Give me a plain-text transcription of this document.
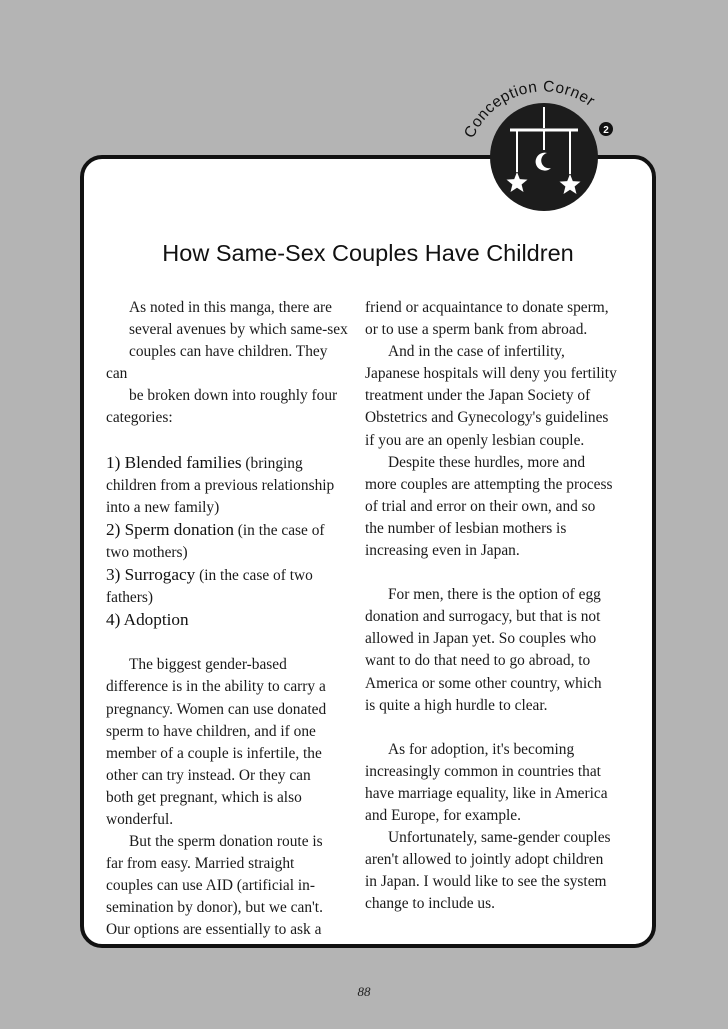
Conception Corner
2
How Same-Sex Couples Have Children
As noted in this manga, there are
several avenues by which same-sex
couples can have children. They can
be broken down into roughly four
categories:
1) Blended families (bringing
children from a previous relationship
into a new family)
2) Sperm donation (in the case of
two mothers)
3) Surrogacy (in the case of two
fathers)
4) Adoption
The biggest gender-based
difference is in the ability to carry a
pregnancy. Women can use donated
sperm to have children, and if one
member of a couple is infertile, the
other can try instead. Or they can
both get pregnant, which is also
wonderful.
But the sperm donation route is
far from easy. Married straight
couples can use AID (artificial in-
semination by donor), but we can't.
Our options are essentially to ask a
friend or acquaintance to donate sperm,
or to use a sperm bank from abroad.
And in the case of infertility,
Japanese hospitals will deny you fertility
treatment under the Japan Society of
Obstetrics and Gynecology's guidelines
if you are an openly lesbian couple.
Despite these hurdles, more and
more couples are attempting the process
of trial and error on their own, and so
the number of lesbian mothers is
increasing even in Japan.
For men, there is the option of egg
donation and surrogacy, but that is not
allowed in Japan yet. So couples who
want to do that need to go abroad, to
America or some other country, which
is quite a high hurdle to clear.
As for adoption, it's becoming
increasingly common in countries that
have marriage equality, like in America
and Europe, for example.
Unfortunately, same-gender couples
aren't allowed to jointly adopt children
in Japan. I would like to see the system
change to include us.
88
